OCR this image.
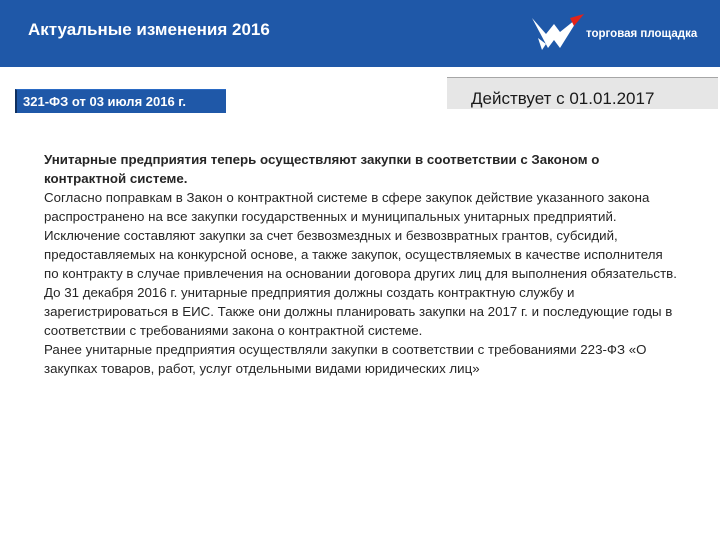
Актуальные изменения 2016	торговая площадка
321-ФЗ от 03 июля 2016 г.	Действует с 01.01.2017

Унитарные предприятия теперь осуществляют закупки в соответствии с Законом о контрактной системе.

Согласно поправкам в Закон о контрактной системе в сфере закупок действие указанного закона распространено на все закупки государственных и муниципальных унитарных предприятий.

Исключение составляют закупки за счет безвозмездных и безвозвратных грантов, субсидий, предоставляемых на конкурсной основе, а также закупок, осуществляемых в качестве исполнителя по контракту в случае привлечения на основании договора других лиц для выполнения обязательств.

До 31 декабря 2016 г. унитарные предприятия должны создать контрактную службу и зарегистрироваться в ЕИС. Также они должны планировать закупки на 2017 г. и последующие годы в соответствии с требованиями закона о контрактной системе.

Ранее унитарные предприятия осуществляли закупки в соответствии с требованиями 223-ФЗ «О закупках товаров, работ, услуг отдельными видами юридических лиц»
